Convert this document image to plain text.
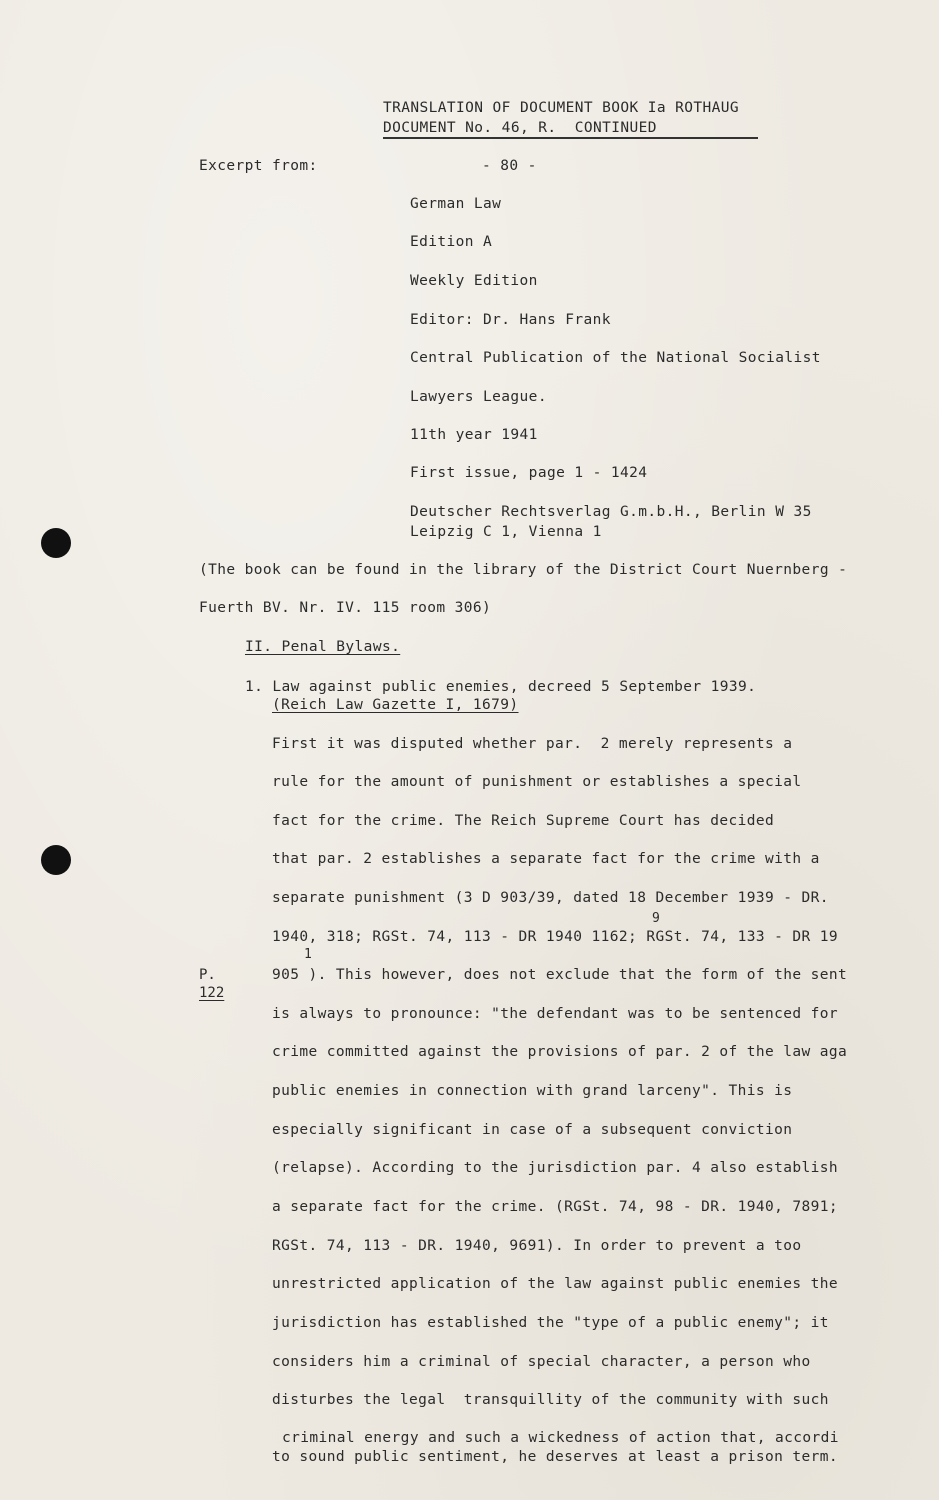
TRANSLATION OF DOCUMENT BOOK Ia ROTHAUG
DOCUMENT No. 46, R.  CONTINUED
Excerpt from:	- 80 -
German Law
Edition A
Weekly Edition
Editor: Dr. Hans Frank
Central Publication of the National Socialist
Lawyers League.
11th year 1941
First issue, page 1 - 1424
Deutscher Rechtsverlag G.m.b.H., Berlin W 35
Leipzig C 1, Vienna 1
(The book can be found in the library of the District Court Nuernberg -
Fuerth BV. Nr. IV. 115 room 306)
II. Penal Bylaws.
1. Law against public enemies, decreed 5 September 1939.
(Reich Law Gazette I, 1679)
First it was disputed whether par.  2 merely represents a
rule for the amount of punishment or establishes a special
fact for the crime. The Reich Supreme Court has decided
that par. 2 establishes a separate fact for the crime with a
separate punishment (3 D 903/39, dated 18 December 1939 - DR.
9
1940, 318; RGSt. 74, 113 - DR 1940 1162; RGSt. 74, 133 - DR 19
1
905 ). This however, does not exclude that the form of the sent
is always to pronounce: "the defendant was to be sentenced for
crime committed against the provisions of par. 2 of the law aga
public enemies in connection with grand larceny". This is
especially significant in case of a subsequent conviction
(relapse). According to the jurisdiction par. 4 also establish
a separate fact for the crime. (RGSt. 74, 98 - DR. 1940, 7891;
RGSt. 74, 113 - DR. 1940, 9691). In order to prevent a too
unrestricted application of the law against public enemies the
jurisdiction has established the "type of a public enemy"; it
considers him a criminal of special character, a person who
disturbes the legal  transquillity of the community with such
criminal energy and such a wickedness of action that, accordi
to sound public sentiment, he deserves at least a prison term.
P.
122
